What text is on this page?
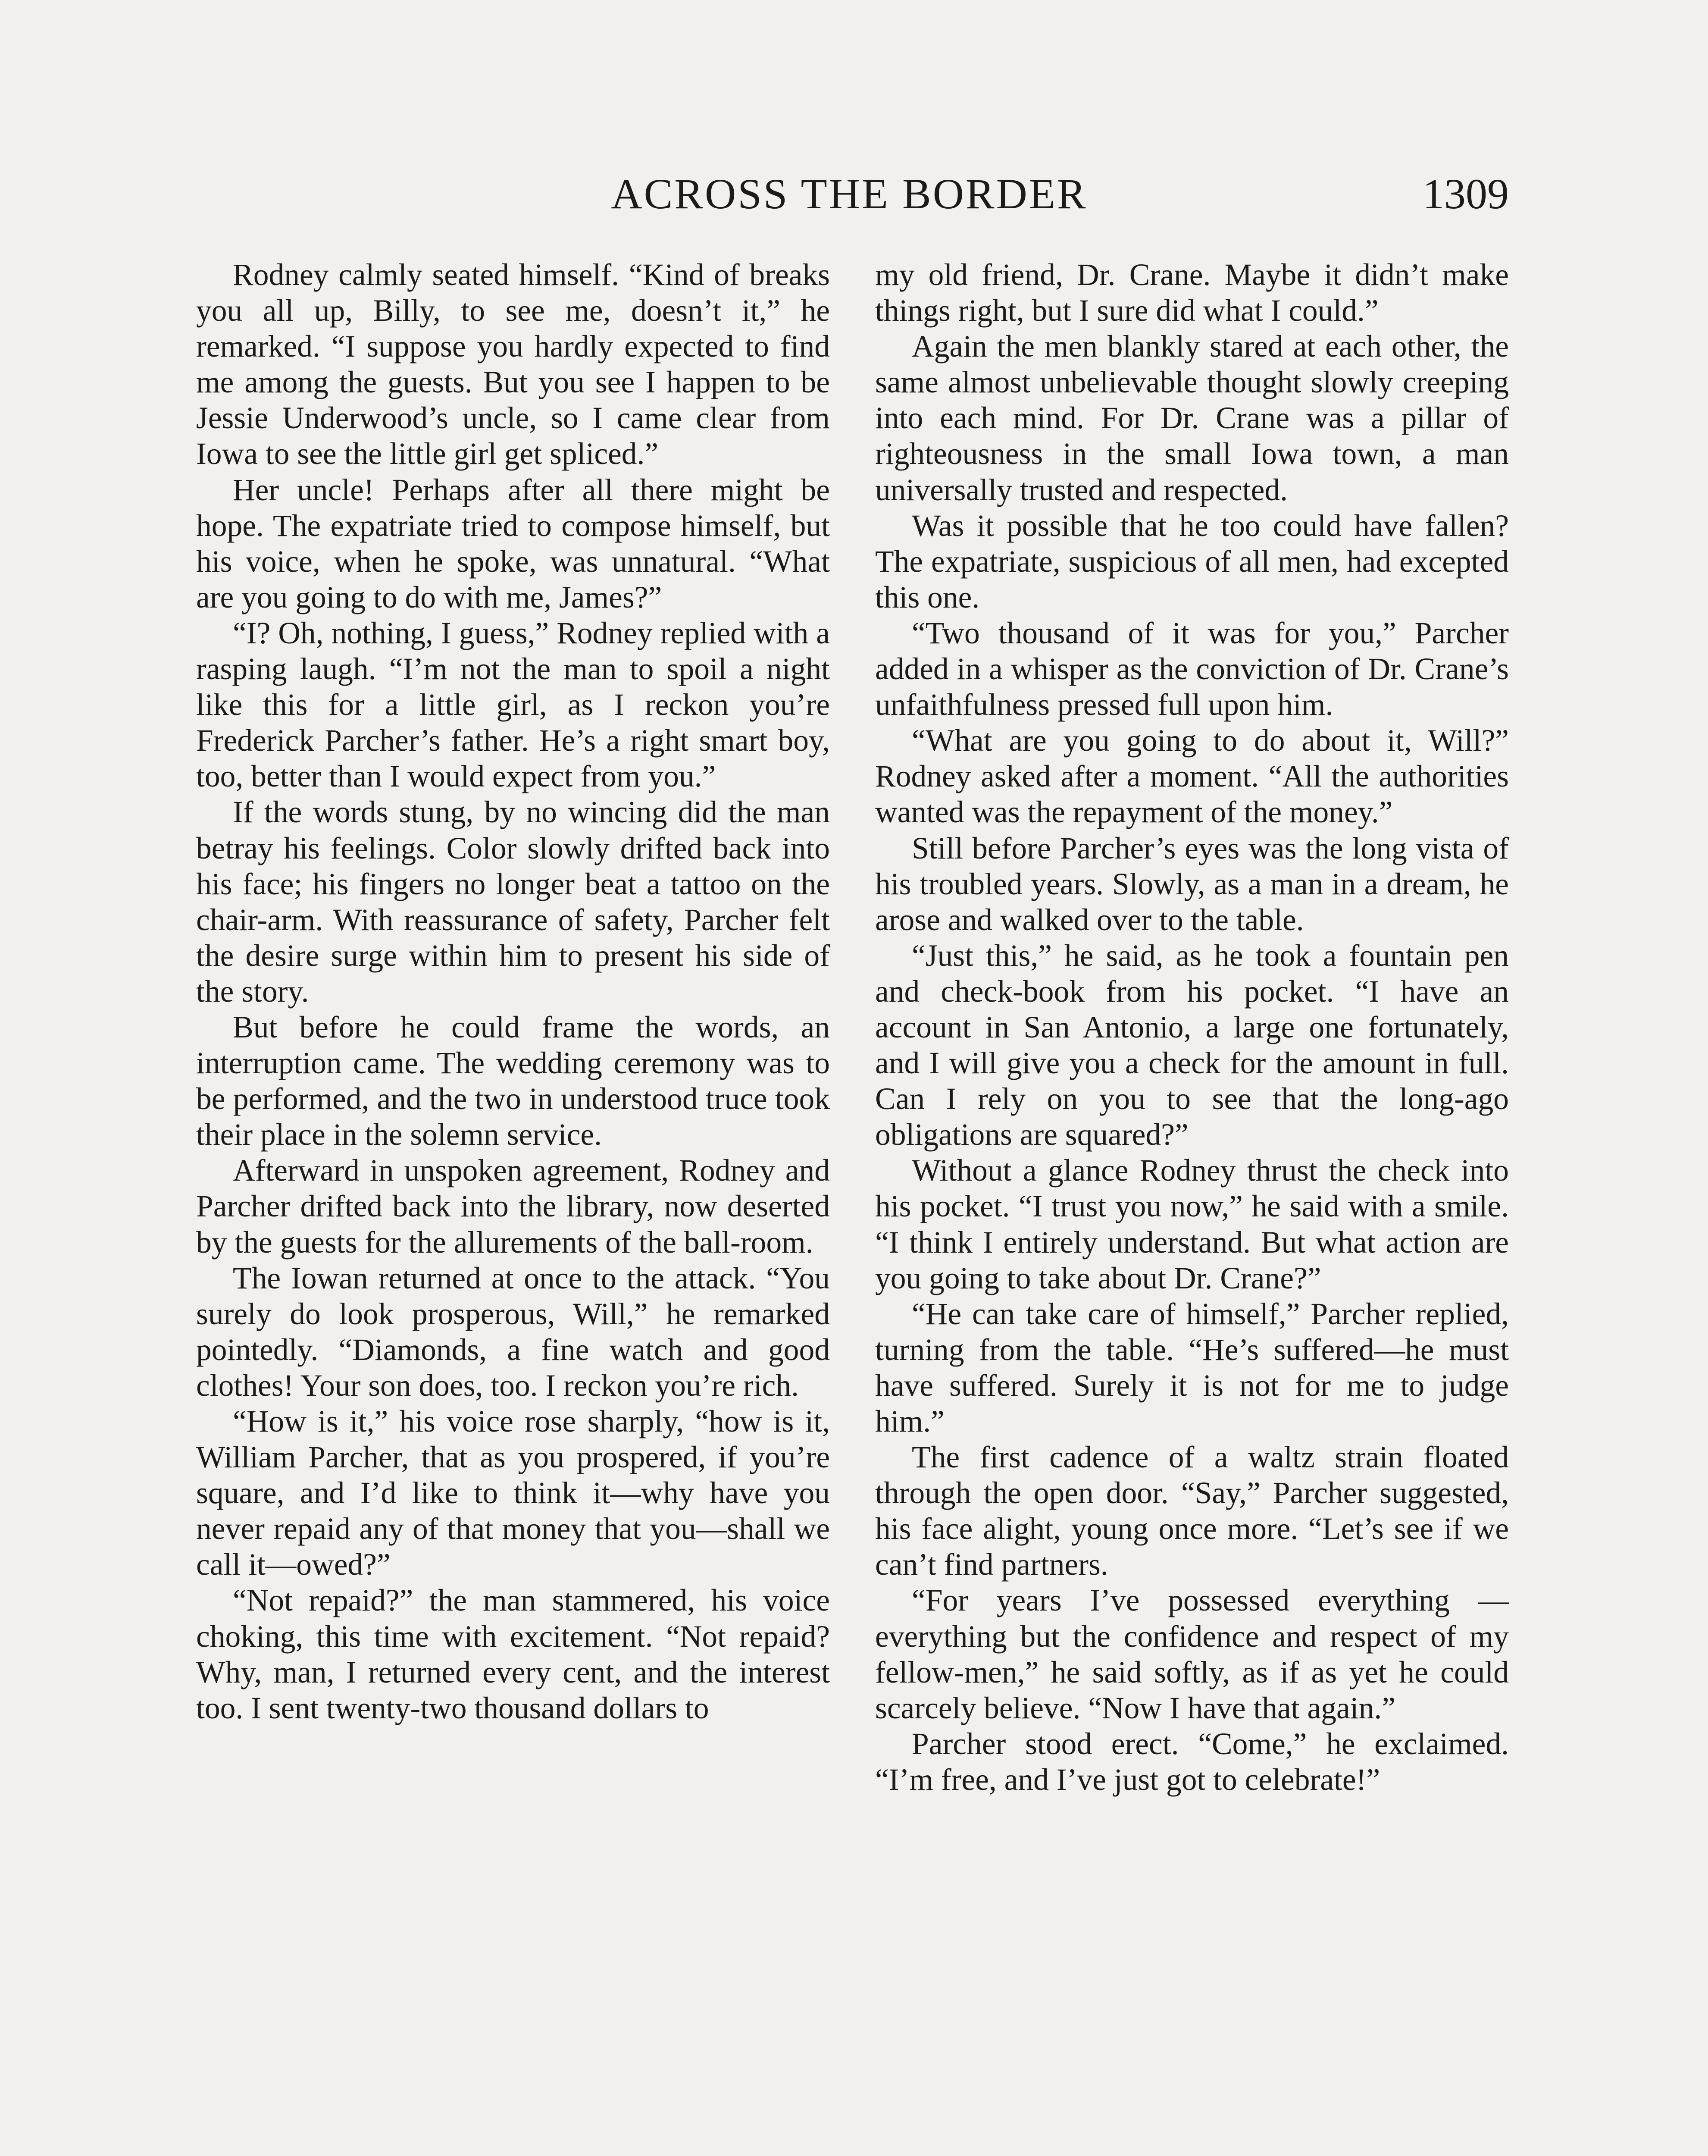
ACROSS THE BORDER	1309

Rodney calmly seated himself. “Kind of breaks you all up, Billy, to see me, doesn’t it,” he remarked. “I suppose you hardly expected to find me among the guests. But you see I happen to be Jessie Underwood’s uncle, so I came clear from Iowa to see the little girl get spliced.”

Her uncle! Perhaps after all there might be hope. The expatriate tried to compose himself, but his voice, when he spoke, was unnatural. “What are you going to do with me, James?”

“I? Oh, nothing, I guess,” Rodney replied with a rasping laugh. “I’m not the man to spoil a night like this for a little girl, as I reckon you’re Frederick Parcher’s father. He’s a right smart boy, too, better than I would expect from you.”

If the words stung, by no wincing did the man betray his feelings. Color slowly drifted back into his face; his fingers no longer beat a tattoo on the chair-arm. With reassurance of safety, Parcher felt the desire surge within him to present his side of the story.

But before he could frame the words, an interruption came. The wedding ceremony was to be performed, and the two in understood truce took their place in the solemn service.

Afterward in unspoken agreement, Rodney and Parcher drifted back into the library, now deserted by the guests for the allurements of the ball-room.

The Iowan returned at once to the attack. “You surely do look prosperous, Will,” he remarked pointedly. “Diamonds, a fine watch and good clothes! Your son does, too. I reckon you’re rich.

“How is it,” his voice rose sharply, “how is it, William Parcher, that as you prospered, if you’re square, and I’d like to think it—why have you never repaid any of that money that you—shall we call it—owed?”

“Not repaid?” the man stammered, his voice choking, this time with excitement. “Not repaid? Why, man, I returned every cent, and the interest too. I sent twenty-two thousand dollars to

my old friend, Dr. Crane. Maybe it didn’t make things right, but I sure did what I could.”

Again the men blankly stared at each other, the same almost unbelievable thought slowly creeping into each mind. For Dr. Crane was a pillar of righteousness in the small Iowa town, a man universally trusted and respected.

Was it possible that he too could have fallen? The expatriate, suspicious of all men, had excepted this one.

“Two thousand of it was for you,” Parcher added in a whisper as the conviction of Dr. Crane’s unfaithfulness pressed full upon him.

“What are you going to do about it, Will?” Rodney asked after a moment. “All the authorities wanted was the repayment of the money.”

Still before Parcher’s eyes was the long vista of his troubled years. Slowly, as a man in a dream, he arose and walked over to the table.

“Just this,” he said, as he took a fountain pen and check-book from his pocket. “I have an account in San Antonio, a large one fortunately, and I will give you a check for the amount in full. Can I rely on you to see that the long-ago obligations are squared?”

Without a glance Rodney thrust the check into his pocket. “I trust you now,” he said with a smile. “I think I entirely understand. But what action are you going to take about Dr. Crane?”

“He can take care of himself,” Parcher replied, turning from the table. “He’s suffered—he must have suffered. Surely it is not for me to judge him.”

The first cadence of a waltz strain floated through the open door. “Say,” Parcher suggested, his face alight, young once more. “Let’s see if we can’t find partners.

“For years I’ve possessed everything —everything but the confidence and respect of my fellow-men,” he said softly, as if as yet he could scarcely believe. “Now I have that again.”

Parcher stood erect. “Come,” he exclaimed. “I’m free, and I’ve just got to celebrate!”
